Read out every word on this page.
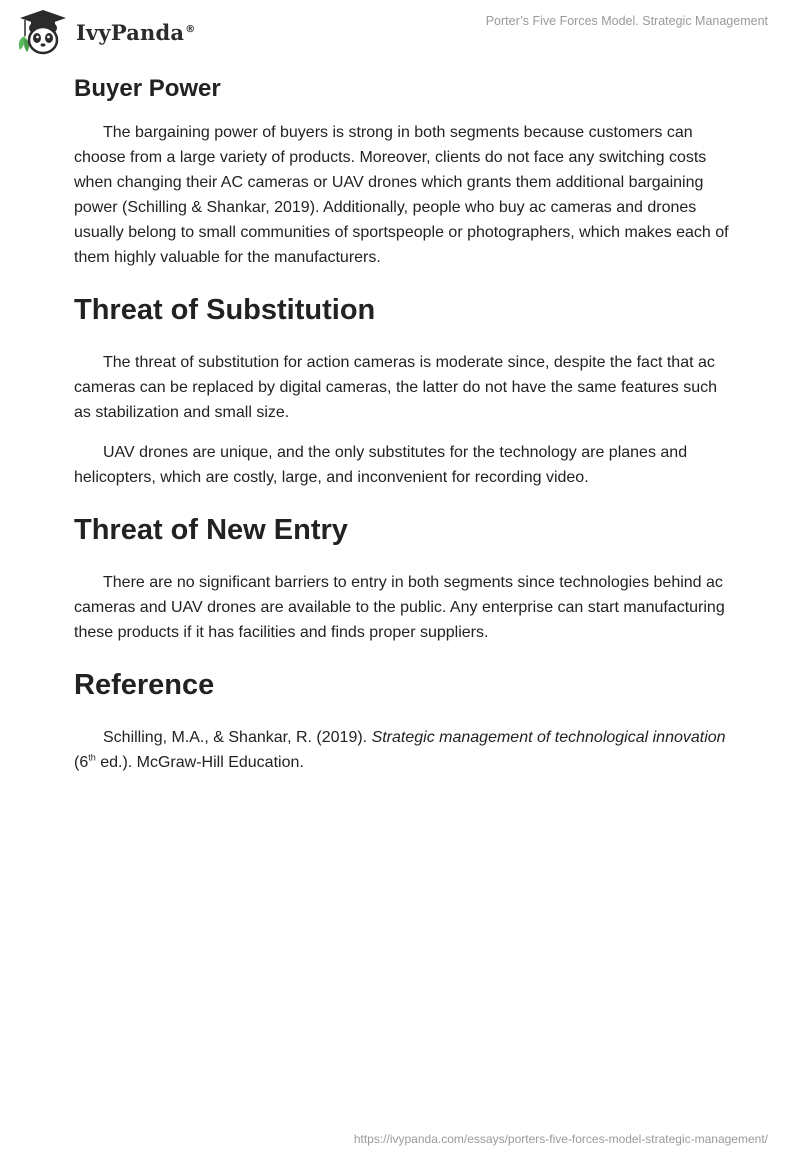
IvyPanda®
Porter’s Five Forces Model. Strategic Management
Buyer Power

The bargaining power of buyers is strong in both segments because customers can choose from a large variety of products. Moreover, clients do not face any switching costs when changing their AC cameras or UAV drones which grants them additional bargaining power (Schilling & Shankar, 2019). Additionally, people who buy ac cameras and drones usually belong to small communities of sportspeople or photographers, which makes each of them highly valuable for the manufacturers.

Threat of Substitution

The threat of substitution for action cameras is moderate since, despite the fact that ac cameras can be replaced by digital cameras, the latter do not have the same features such as stabilization and small size.

UAV drones are unique, and the only substitutes for the technology are planes and helicopters, which are costly, large, and inconvenient for recording video.

Threat of New Entry

There are no significant barriers to entry in both segments since technologies behind ac cameras and UAV drones are available to the public. Any enterprise can start manufacturing these products if it has facilities and finds proper suppliers.

Reference

Schilling, M.A., & Shankar, R. (2019). Strategic management of technological innovation (6th ed.). McGraw-Hill Education.

https://ivypanda.com/essays/porters-five-forces-model-strategic-management/
